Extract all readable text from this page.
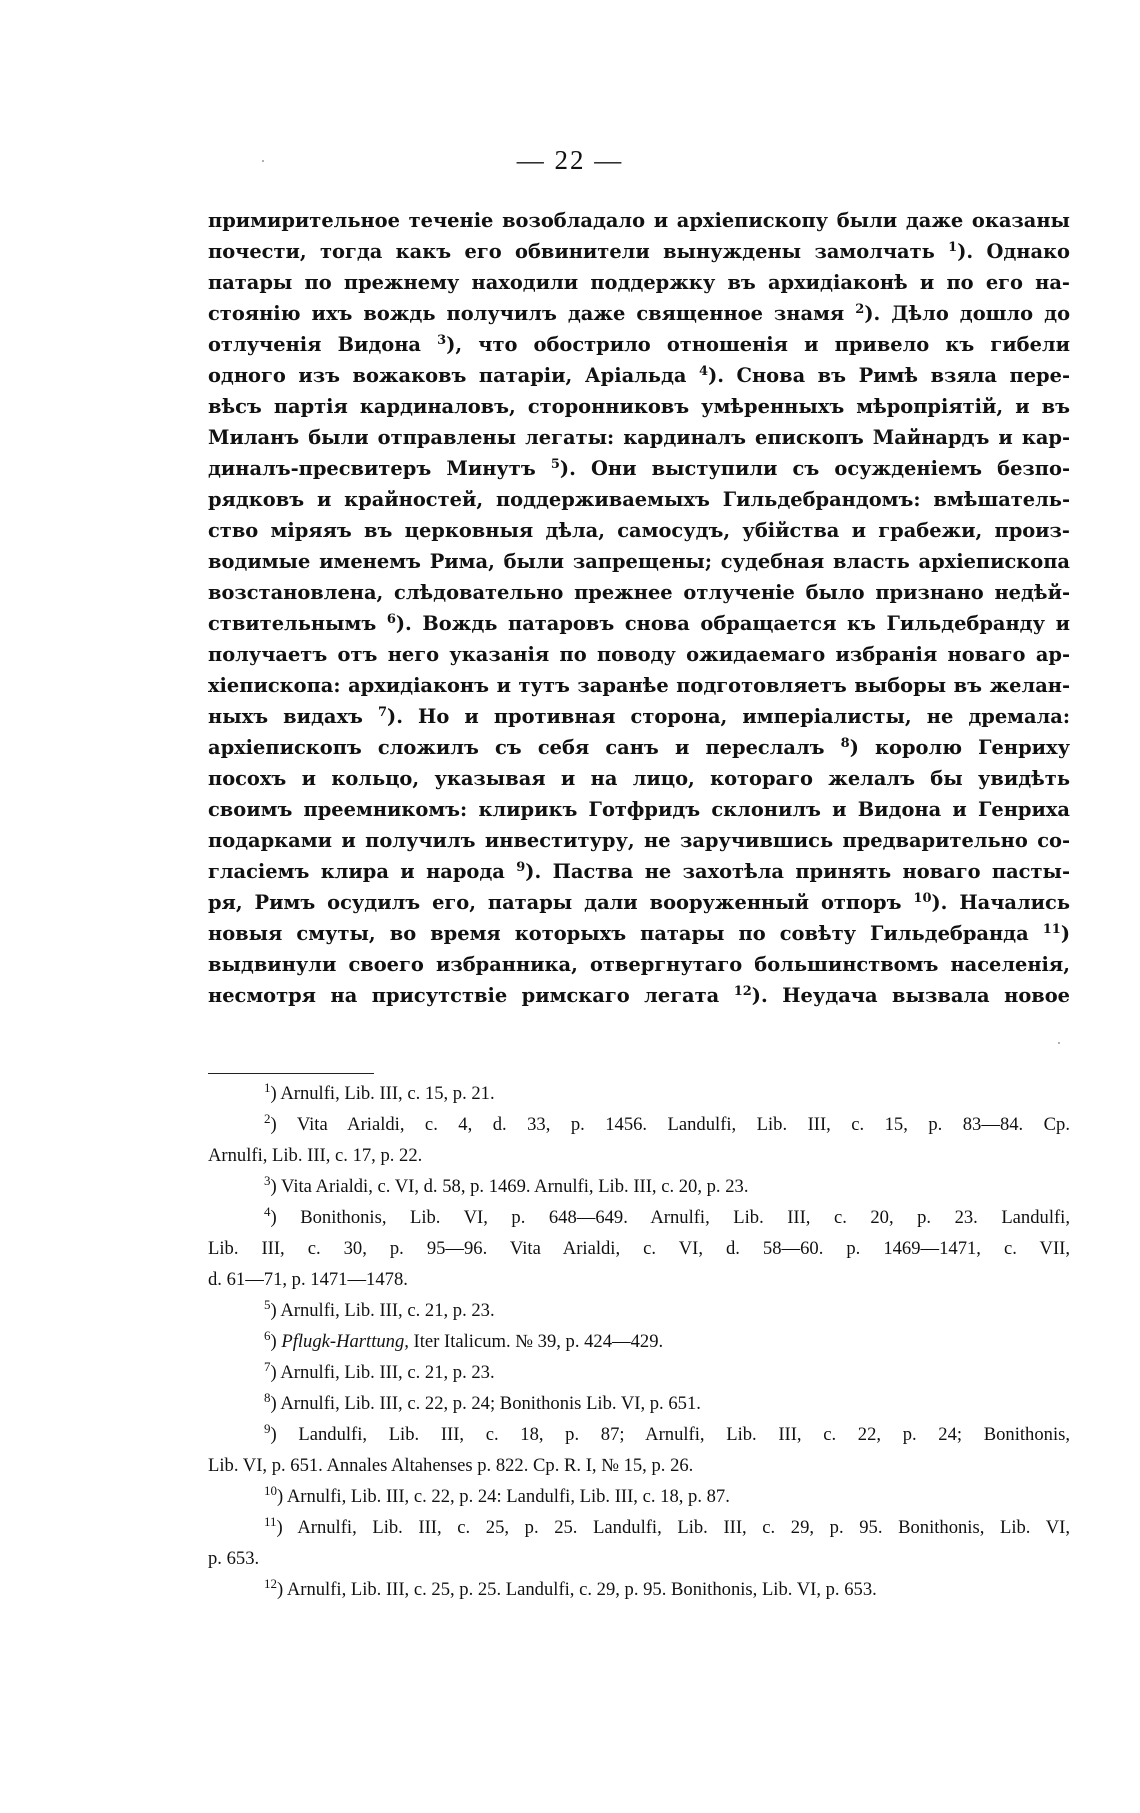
— 22 —
примирительное теченіе возобладало и архіепископу были даже оказаны
почести, тогда какъ его обвинители вынуждены замолчать $^1$). Однако
патары по прежнему находили поддержку въ архидіаконѣ и по его на-
стоянію ихъ вождь получилъ даже священное знамя $^2$). Дѣло дошло до
отлученія Видона $^3$), что обострило отношенія и привело къ гибели
одного изъ вожаковъ патаріи, Аріальда $^4$). Снова въ Римѣ взяла пере-
вѣсъ партія кардиналовъ, сторонниковъ умѣренныхъ мѣропріятій, и въ
Миланъ были отправлены легаты: кардиналъ епископъ Майнардъ и кар-
диналъ-пресвитеръ Минутъ $^5$). Они выступили съ осужденіемъ безпо-
рядковъ и крайностей, поддерживаемыхъ Гильдебрандомъ: вмѣшатель-
ство міряяъ въ церковныя дѣла, самосудъ, убійства и грабежи, произ-
водимые именемъ Рима, были запрещены; судебная власть архіепископа
возстановлена, слѣдовательно прежнее отлученіе было признано недѣй-
ствительнымъ $^6$). Вождь патаровъ снова обращается къ Гильдебранду и
получаетъ отъ него указанія по поводу ожидаемаго избранія новаго ар-
хіепископа: архидіаконъ и тутъ заранѣе подготовляетъ выборы въ желан-
ныхъ видахъ $^7$). Но и противная сторона, имперіалисты, не дремала:
архіепископъ сложилъ съ себя санъ и переслалъ $^8$) королю Генриху
посохъ и кольцо, указывая и на лицо, котораго желалъ бы увидѣть
своимъ преемникомъ: клирикъ Готфридъ склонилъ и Видона и Генриха
подарками и получилъ инвеституру, не заручившись предварительно со-
гласіемъ клира и народа $^9$). Паства не захотѣла принять новаго пасты-
ря, Римъ осудилъ его, патары дали вооруженный отпоръ $^{10}$). Начались
новыя смуты, во время которыхъ патары по совѣту Гильдебранда $^{11}$)
выдвинули своего избранника, отвергнутаго большинствомъ населенія,
несмотря на присутствіе римскаго легата $^{12}$). Неудача вызвала новое
$^1$) Arnulfi, Lib. III, c. 15, p. 21.
$^2$) Vita Arialdi, c. 4, d. 33, p. 1456. Landulfi, Lib. III, c. 15, p. 83—84. Cp.
Arnulfi, Lib. III, c. 17, p. 22.
$^3$) Vita Arialdi, c. VI, d. 58, p. 1469. Arnulfi, Lib. III, c. 20, p. 23.
$^4$) Bonithonis, Lib. VI, p. 648—649. Arnulfi, Lib. III, c. 20, p. 23. Landulfi,
Lib. III, c. 30, p. 95—96. Vita Arialdi, c. VI, d. 58—60. p. 1469—1471, c. VII,
d. 61—71, p. 1471—1478.
$^5$) Arnulfi, Lib. III, c. 21, p. 23.
$^6$) Pflugk-Harttung, Iter Italicum. № 39, p. 424—429.
$^7$) Arnulfi, Lib. III, c. 21, p. 23.
$^8$) Arnulfi, Lib. III, c. 22, p. 24; Bonithonis Lib. VI, p. 651.
$^9$) Landulfi, Lib. III, c. 18, p. 87; Arnulfi, Lib. III, c. 22, p. 24; Bonithonis,
Lib. VI, p. 651. Annales Altahenses p. 822. Cp. R. I, № 15, p. 26.
$^{10}$) Arnulfi, Lib. III, c. 22, p. 24: Landulfi, Lib. III, c. 18, p. 87.
$^{11}$) Arnulfi, Lib. III, c. 25, p. 25. Landulfi, Lib. III, c. 29, p. 95. Bonithonis, Lib. VI,
p. 653.
$^{12}$) Arnulfi, Lib. III, c. 25, p. 25. Landulfi, c. 29, p. 95. Bonithonis, Lib. VI, p. 653.
